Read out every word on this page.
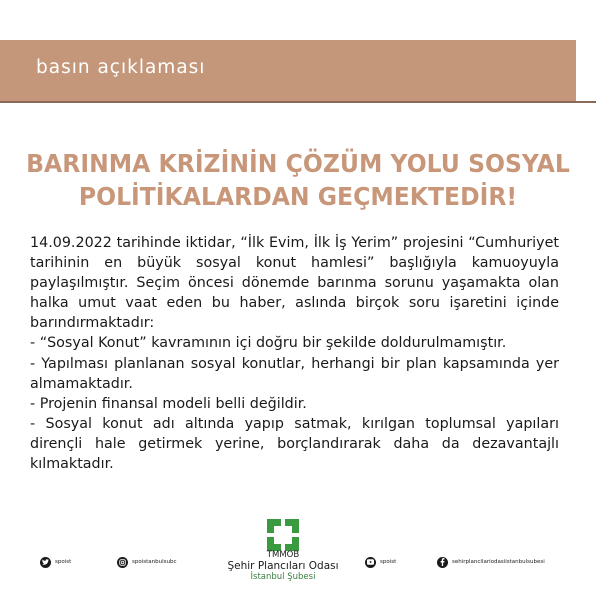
basın açıklaması
BARINMA KRİZİNİN ÇÖZÜM YOLU SOSYAL
POLİTİKALARDAN GEÇMEKTEDİR!
14.09.2022 tarihinde iktidar, “İlk Evim, İlk İş Yerim” projesini “Cumhuriyet tarihinin en büyük sosyal konut hamlesi” başlığıyla kamuoyuyla paylaşılmıştır. Seçim öncesi dönemde barınma sorunu yaşamakta olan halka umut vaat eden bu haber, aslında birçok soru işaretini içinde barındırmaktadır:
- “Sosyal Konut” kavramının içi doğru bir şekilde doldurulmamıştır.
- Yapılması planlanan sosyal konutlar, herhangi bir plan kapsamında yer almamaktadır.
- Projenin finansal modeli belli değildir.
- Sosyal konut adı altında yapıp satmak, kırılgan toplumsal yapıları dirençli hale getirmek yerine, borçlandırarak daha da dezavantajlı kılmaktadır.
TMMOB
Şehir Plancıları Odası
İstanbul Şubesi
spoist	spoistanbulsubc	spoist	sehirplancilariodasiistanbulsubesi
